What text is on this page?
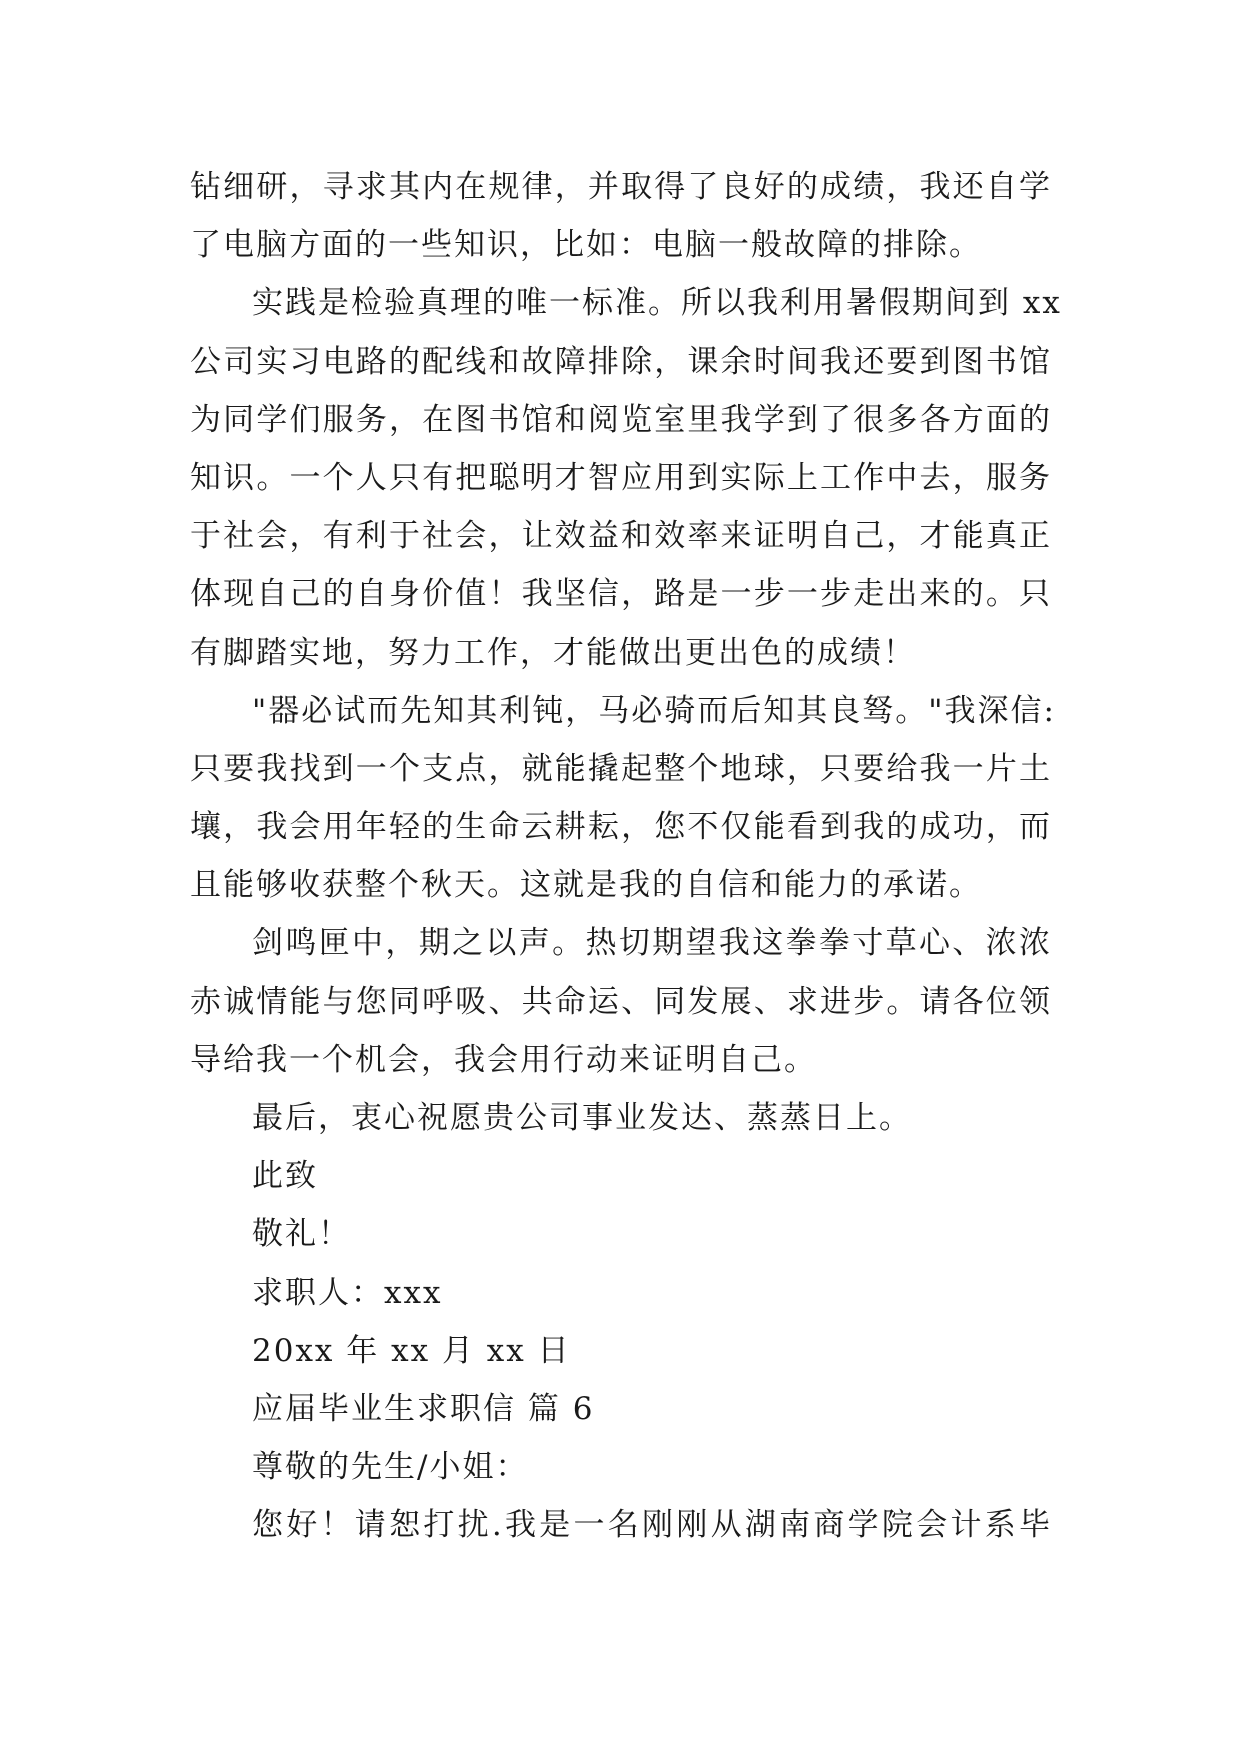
钻细研，寻求其内在规律，并取得了良好的成绩，我还自学
了电脑方面的一些知识，比如：电脑一般故障的排除。
实践是检验真理的唯一标准。所以我利用暑假期间到 xx
公司实习电路的配线和故障排除，课余时间我还要到图书馆
为同学们服务，在图书馆和阅览室里我学到了很多各方面的
知识。一个人只有把聪明才智应用到实际上工作中去，服务
于社会，有利于社会，让效益和效率来证明自己，才能真正
体现自己的自身价值！我坚信，路是一步一步走出来的。只
有脚踏实地，努力工作，才能做出更出色的成绩！
"器必试而先知其利钝，马必骑而后知其良驽。"我深信:
只要我找到一个支点，就能撬起整个地球，只要给我一片土
壤，我会用年轻的生命云耕耘，您不仅能看到我的成功，而
且能够收获整个秋天。这就是我的自信和能力的承诺。
剑鸣匣中，期之以声。热切期望我这拳拳寸草心、浓浓
赤诚情能与您同呼吸、共命运、同发展、求进步。请各位领
导给我一个机会，我会用行动来证明自己。
最后，衷心祝愿贵公司事业发达、蒸蒸日上。
此致
敬礼！
求职人：xxx
20xx 年 xx 月 xx 日
应届毕业生求职信 篇 6
尊敬的先生/小姐：
您好！请恕打扰.我是一名刚刚从湖南商学院会计系毕
